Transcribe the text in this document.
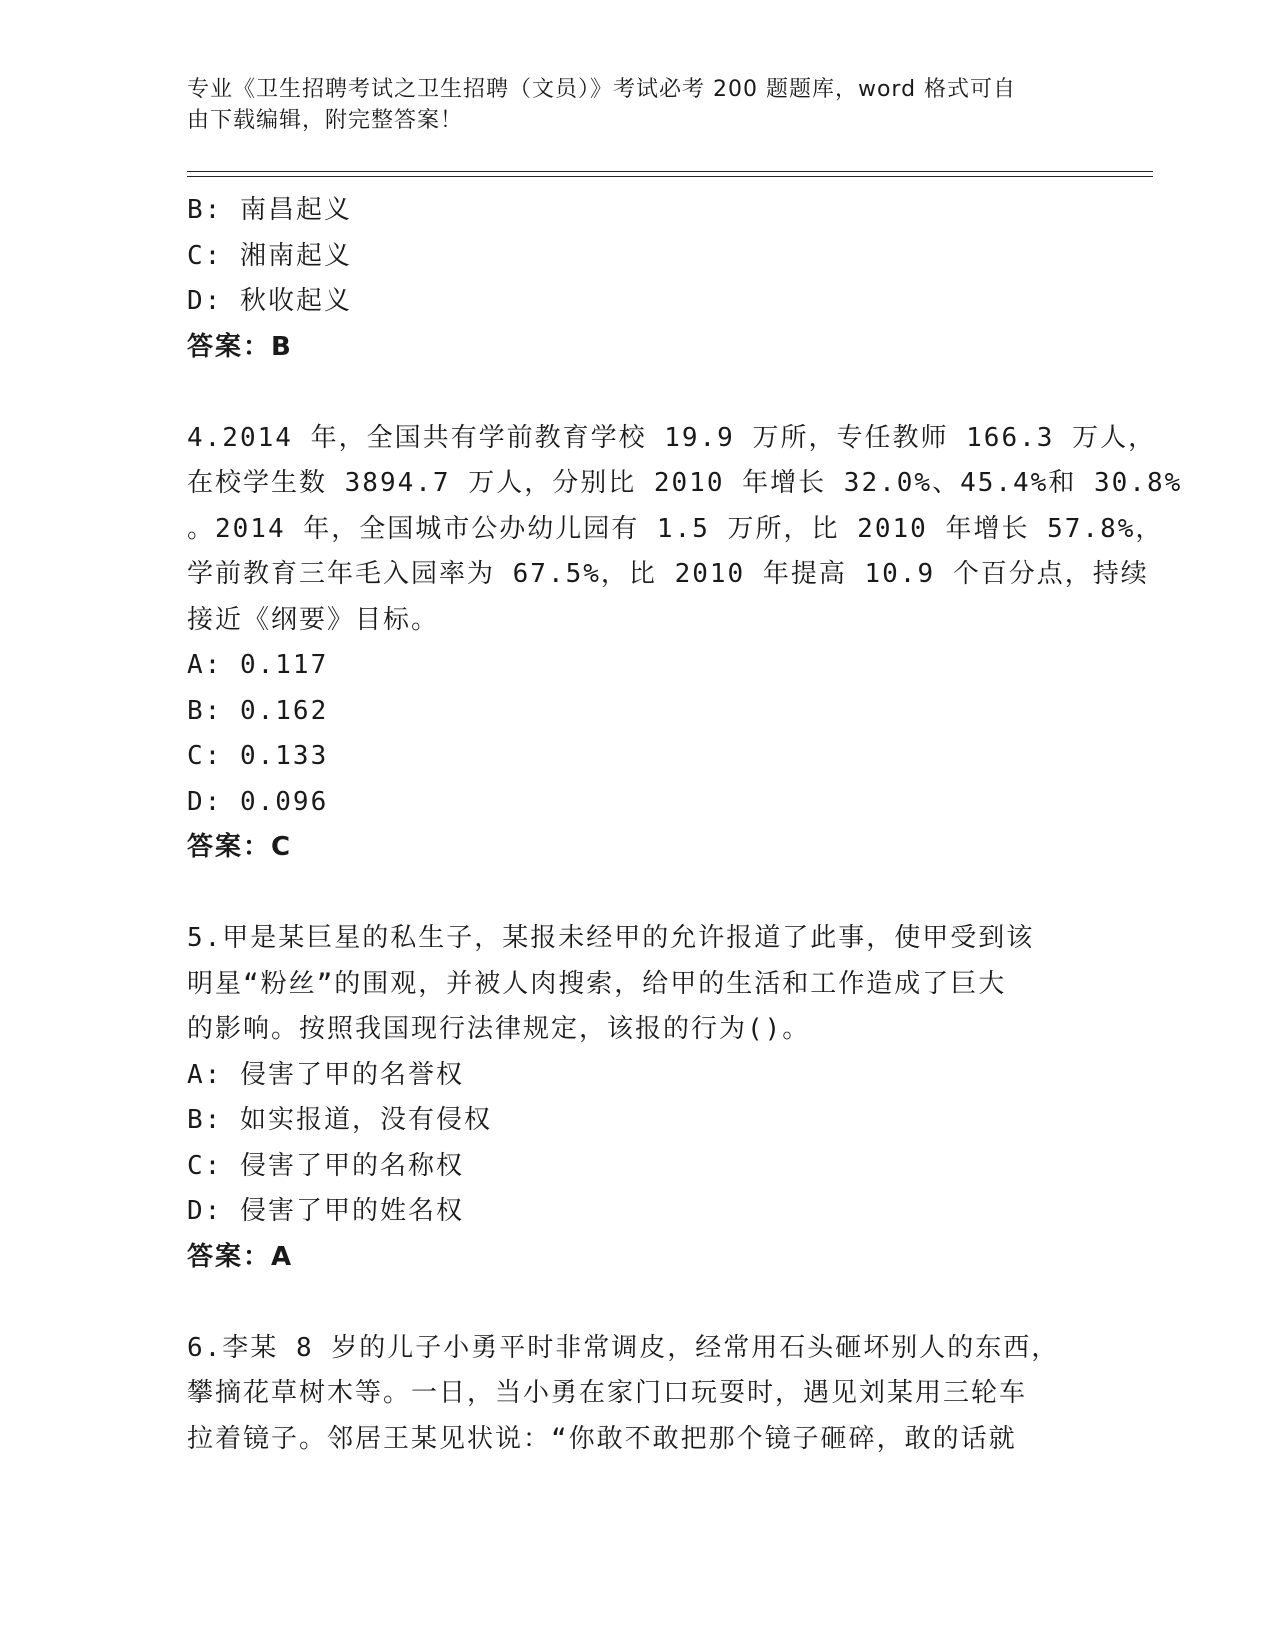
专业《卫生招聘考试之卫生招聘（文员）》考试必考 200 题题库，word 格式可自
由下载编辑，附完整答案！
B: 南昌起义
C: 湘南起义
D: 秋收起义
答案：B
4.2014 年，全国共有学前教育学校 19.9 万所，专任教师 166.3 万人，
在校学生数 3894.7 万人，分别比 2010 年增长 32.0%、45.4%和 30.8%
。2014 年，全国城市公办幼儿园有 1.5 万所，比 2010 年增长 57.8%，
学前教育三年毛入园率为 67.5%，比 2010 年提高 10.9 个百分点，持续
接近《纲要》目标。
A: 0.117
B: 0.162
C: 0.133
D: 0.096
答案：C
5.甲是某巨星的私生子，某报未经甲的允许报道了此事，使甲受到该
明星“粉丝”的围观，并被人肉搜索，给甲的生活和工作造成了巨大
的影响。按照我国现行法律规定，该报的行为()。
A: 侵害了甲的名誉权
B: 如实报道，没有侵权
C: 侵害了甲的名称权
D: 侵害了甲的姓名权
答案：A
6.李某 8 岁的儿子小勇平时非常调皮，经常用石头砸坏别人的东西，
攀摘花草树木等。一日，当小勇在家门口玩耍时，遇见刘某用三轮车
拉着镜子。邻居王某见状说：“你敢不敢把那个镜子砸碎，敢的话就
